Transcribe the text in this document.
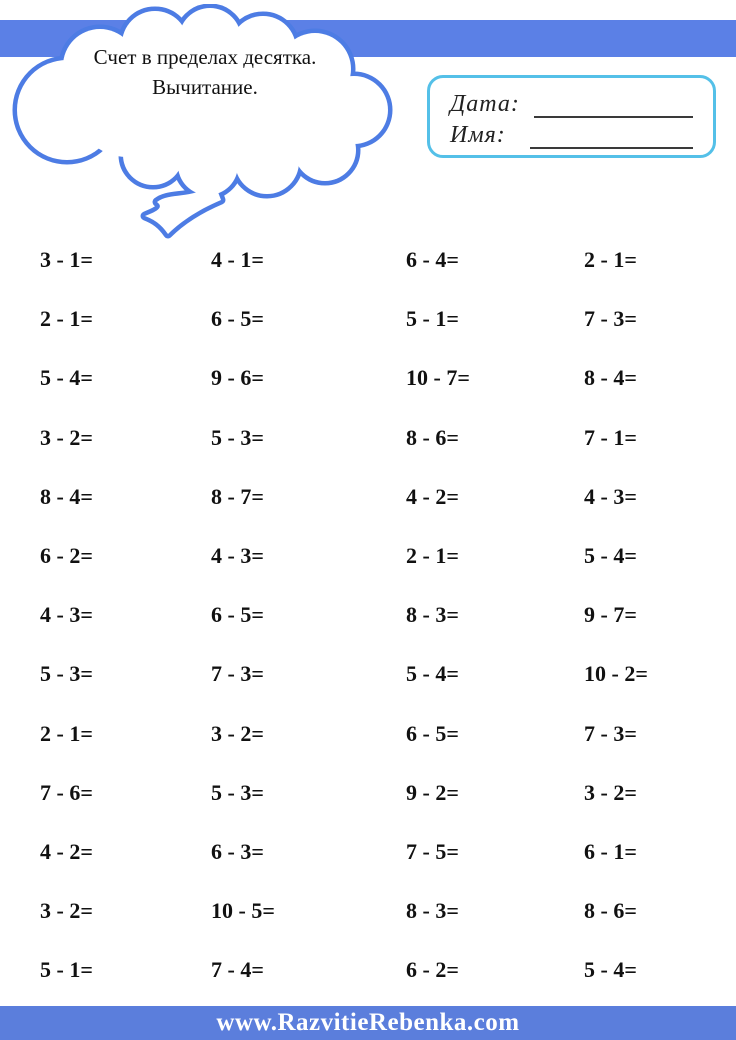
Счет в пределах десятка.
Вычитание.
Дата:
Имя:
3 - 1=	4 - 1=	6 - 4=	2 - 1=
2 - 1=	6 - 5=	5 - 1=	7 - 3=
5 - 4=	9 - 6=	10 - 7=	8 - 4=
3 - 2=	5 - 3=	8 - 6=	7 - 1=
8 - 4=	8 - 7=	4 - 2=	4 - 3=
6 - 2=	4 - 3=	2 - 1=	5 - 4=
4 - 3=	6 - 5=	8 - 3=	9 - 7=
5 - 3=	7 - 3=	5 - 4=	10 - 2=
2 - 1=	3 - 2=	6 - 5=	7 - 3=
7 - 6=	5 - 3=	9 - 2=	3 - 2=
4 - 2=	6 - 3=	7 - 5=	6 - 1=
3 - 2=	10 - 5=	8 - 3=	8 - 6=
5 - 1=	7 - 4=	6 - 2=	5 - 4=
www.RazvitieRebenka.com
